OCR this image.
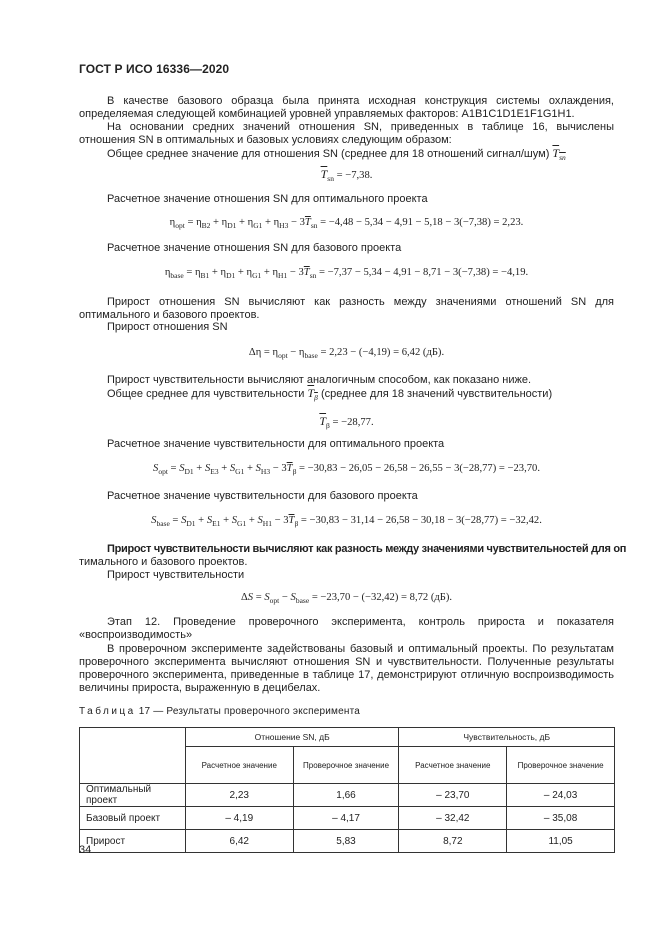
ГОСТ Р ИСО 16336—2020
В качестве базового образца была принята исходная конструкция системы охлаждения, определяемая следующей комбинацией уровней управляемых факторов: A1B1C1D1E1F1G1H1.
На основании средних значений отношения SN, приведенных в таблице 16, вычислены отношения SN в оптимальных и базовых условиях следующим образом:
Общее среднее значение для отношения SN (среднее для 18 отношений сигнал/шум) $T_{sn}$
$\overline{T}_{sn} = -7,38$.
Расчетное значение отношения SN для оптимального проекта
$\eta_{opt} = \eta_{B2} + \eta_{D1} + \eta_{G1} + \eta_{H3} - 3\overline{T}_{sn} = -4,48 - 5,34 - 4,91 - 5,18 - 3(-7,38) = 2,23$.
Расчетное значение отношения SN для базового проекта
$\eta_{base} = \eta_{B1} + \eta_{D1} + \eta_{G1} + \eta_{H1} - 3\overline{T}_{sn} = -7,37 - 5,34 - 4,91 - 8,71 - 3(-7,38) = -4,19$.
Прирост отношения SN вычисляют как разность между значениями отношений SN для оптимального и базового проектов.
Прирост отношения SN
$\Delta\eta = \eta_{opt} - \eta_{base} = 2,23 - (-4,19) = 6,42$ (дБ).
Прирост чувствительности вычисляют аналогичным способом, как показано ниже.
Общее среднее для чувствительности $T_\beta$ (среднее для 18 значений чувствительности)
$\overline{T}_\beta = -28,77$.
Расчетное значение чувствительности для оптимального проекта
$S_{opt} = S_{D1} + S_{E3} + S_{G1} + S_{H3} - 3\overline{T}_\beta = -30,83 - 26,05 - 26,58 - 26,55 - 3(-28,77) = -23,70$.
Расчетное значение чувствительности для базового проекта
$S_{base} = S_{D1} + S_{E1} + S_{G1} + S_{H1} - 3\overline{T}_\beta = -30,83 - 31,14 - 26,58 - 30,18 - 3(-28,77) = -32,42$.
Прирост чувствительности вычисляют как разность между значениями чувствительностей для оп
тимального и базового проектов.
Прирост чувствительности
$\Delta S = S_{opt} - S_{base} = -23,70 - (-32,42) = 8,72$ (дБ).
Этап 12. Проведение проверочного эксперимента, контроль прироста и показателя «воспроизводимость»
В проверочном эксперименте задействованы базовый и оптимальный проекты. По результатам проверочного эксперимента вычисляют отношения SN и чувствительности. Полученные результаты проверочного эксперимента, приведенные в таблице 17, демонстрируют отличную воспроизводимость величины прироста, выраженную в децибелах.
Таблица 17 — Результаты проверочного эксперимента
	Отношение SN, дБ		Чувствительность, дБ	
	Расчетное значение	Проверочное значение	Расчетное значение	Проверочное значение
Оптимальный проект	2,23	1,66	– 23,70	– 24,03
Базовый проект	– 4,19	– 4,17	– 32,42	– 35,08
Прирост	6,42	5,83	8,72	11,05
34
